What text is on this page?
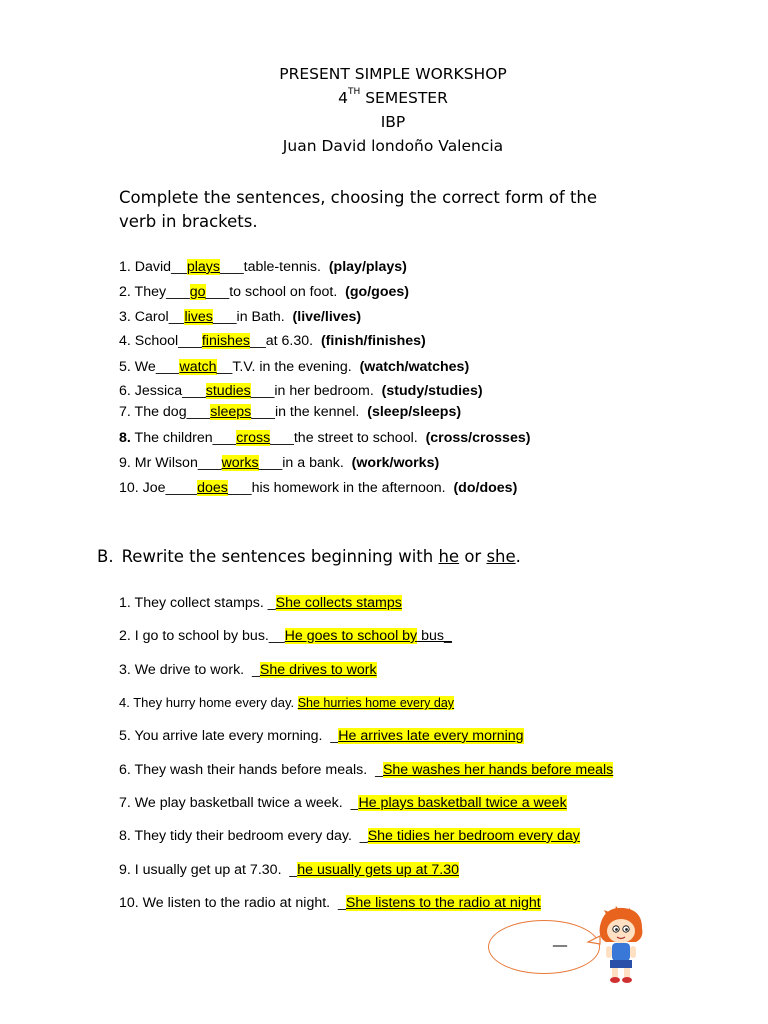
PRESENT SIMPLE WORKSHOP
4TH SEMESTER
IBP
Juan David londoño Valencia
Complete the sentences, choosing the correct form of the
verb in brackets.
1. David__plays___table-tennis.  (play/plays)
2. They___go___to school on foot.  (go/goes)
3. Carol__lives___in Bath.  (live/lives)
4. School___finishes__at 6.30.  (finish/finishes)
5. We___watch__T.V. in the evening.  (watch/watches)
6. Jessica___studies___in her bedroom.  (study/studies)
7. The dog___sleeps___in the kennel.  (sleep/sleeps)
8. The children___cross___the street to school.  (cross/crosses)
9. Mr Wilson___works___in a bank.  (work/works)
10. Joe____does___his homework in the afternoon.  (do/does)
B. Rewrite the sentences beginning with he or she.
1. They collect stamps. _She collects stamps
2. I go to school by bus.__He goes to school by bus_
3. We drive to work.  _She drives to work
4. They hurry home every day. She hurries home every day
5. You arrive late every morning.  _He arrives late every morning
6. They wash their hands before meals.  _She washes her hands before meals
7. We play basketball twice a week.  _He plays basketball twice a week
8. They tidy their bedroom every day.  _She tidies her bedroom every day
9. I usually get up at 7.30.  _he usually gets up at 7.30
10. We listen to the radio at night.  _She listens to the radio at night
__
